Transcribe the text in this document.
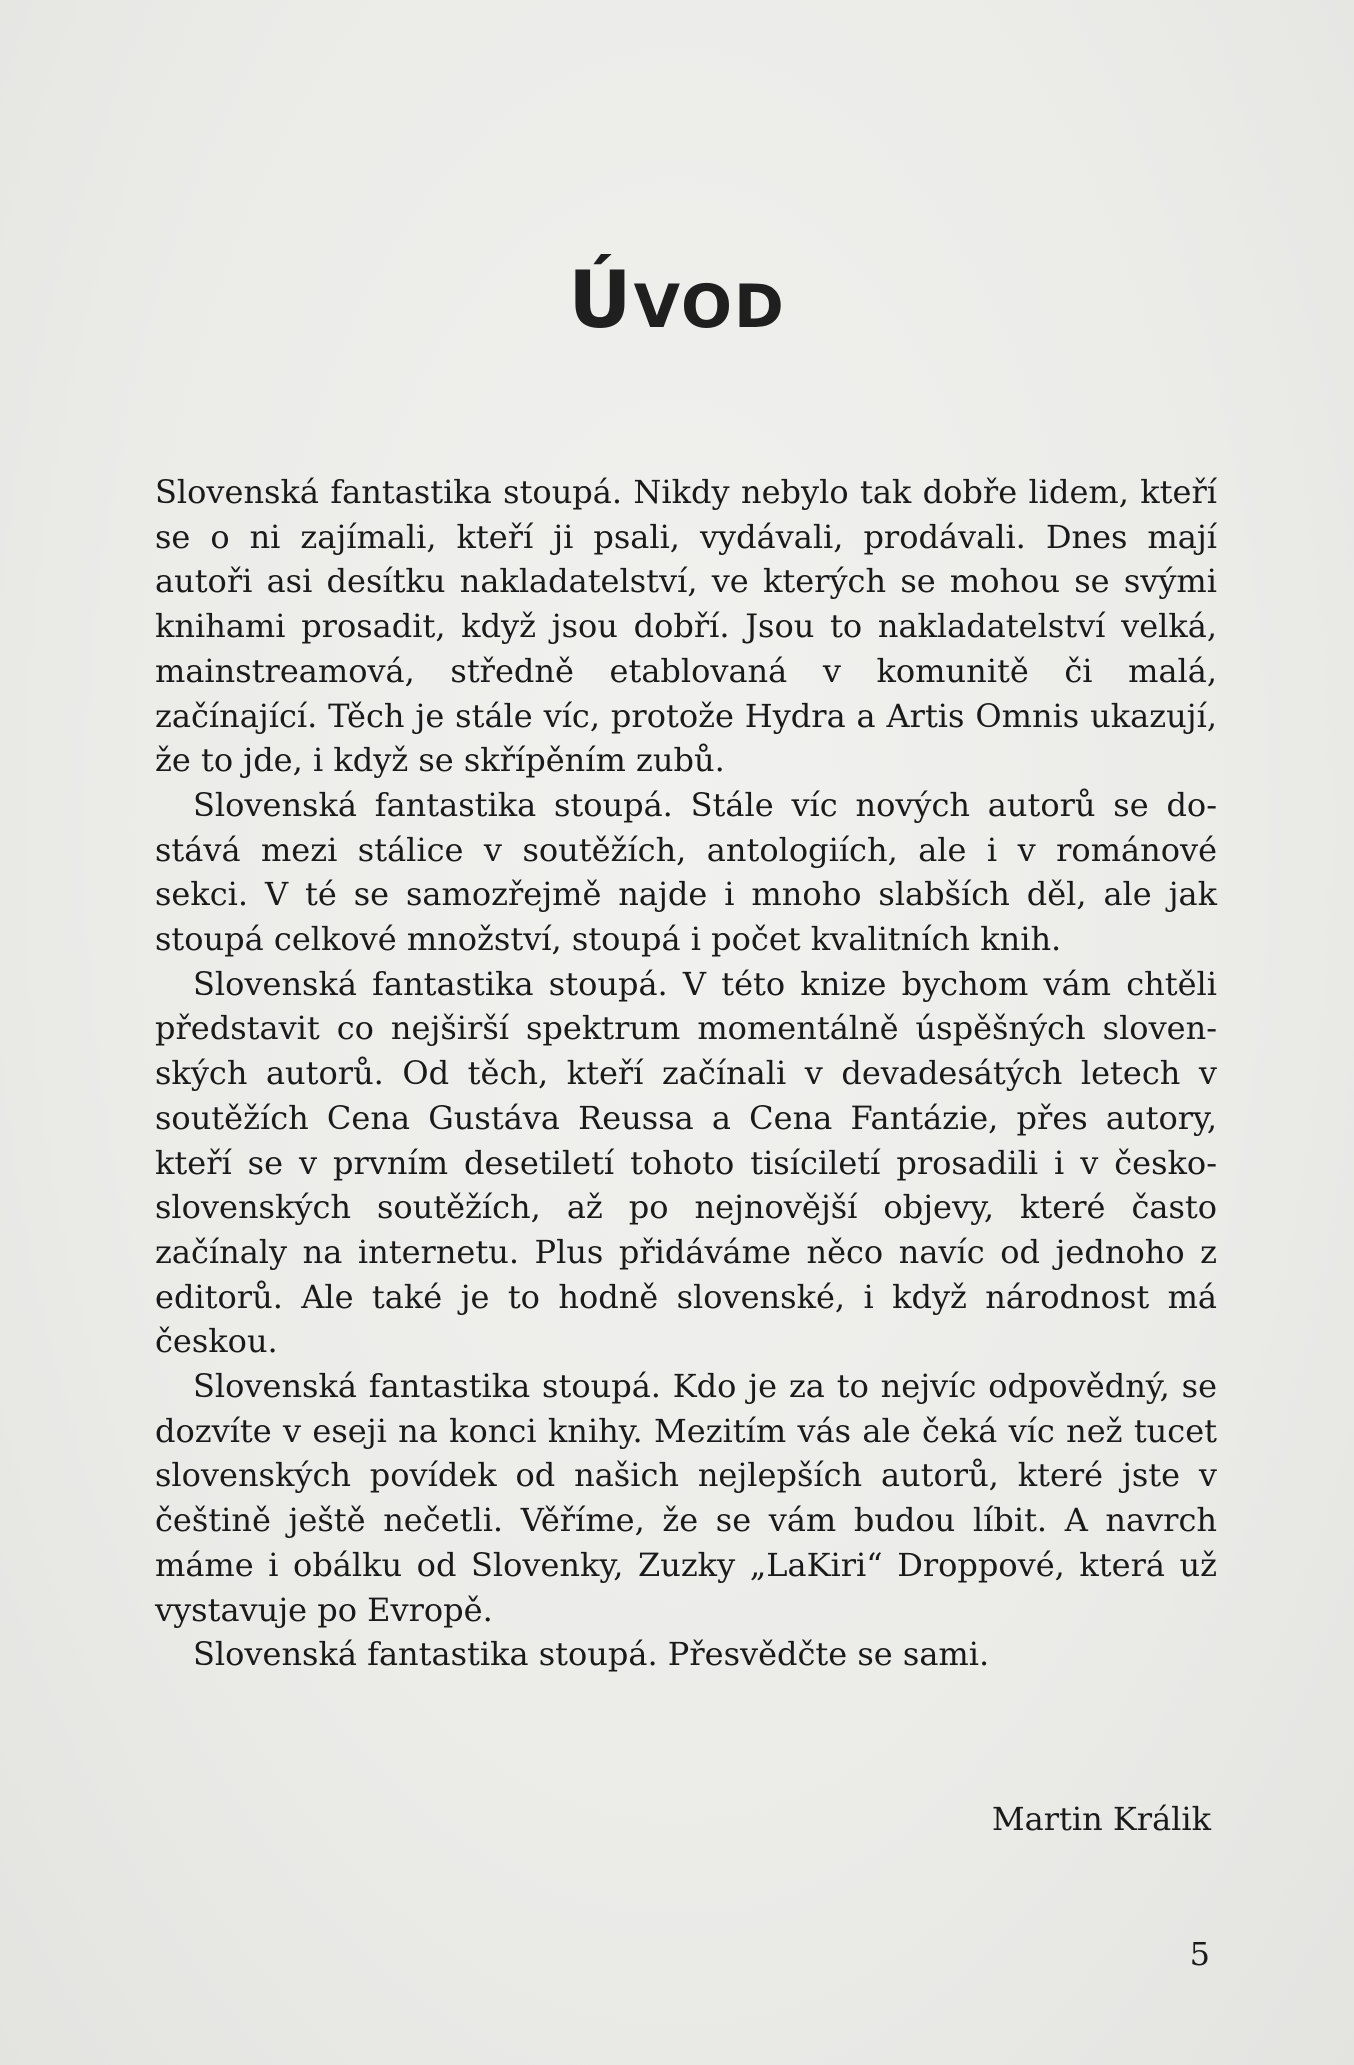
ÚVOD

Slovenská fantastika stoupá. Nikdy nebylo tak dobře lidem, kteří se o ni zajímali, kteří ji psali, vydávali, prodávali. Dnes mají autoři asi desítku nakladatelství, ve kterých se mohou se svými knihami prosadit, když jsou dobří. Jsou to nakladatelství velká, mainstreamová, středně etablovaná v komunitě či malá, začínající. Těch je stále víc, protože Hydra a Artis Omnis ukazují, že to jde, i když se skřípěním zubů.

Slovenská fantastika stoupá. Stále víc nových autorů se dostává mezi stálice v soutěžích, antologiích, ale i v románové sekci. V té se samozřejmě najde i mnoho slabších děl, ale jak stoupá celkové množství, stoupá i počet kvalitních knih.

Slovenská fantastika stoupá. V této knize bychom vám chtěli představit co nejširší spektrum momentálně úspěšných slovenských autorů. Od těch, kteří začínali v devadesátých letech v soutěžích Cena Gustáva Reussa a Cena Fantázie, přes autory, kteří se v prvním desetiletí tohoto tisíciletí prosadili i v česko-slovenských soutěžích, až po nejnovější objevy, které často začínaly na internetu. Plus přidáváme něco navíc od jednoho z editorů. Ale také je to hodně slovenské, i když národnost má českou.

Slovenská fantastika stoupá. Kdo je za to nejvíc odpovědný, se dozvíte v eseji na konci knihy. Mezitím vás ale čeká víc než tucet slovenských povídek od našich nejlepších autorů, které jste v češtině ještě nečetli. Věříme, že se vám budou líbit. A navrch máme i obálku od Slovenky, Zuzky „LaKiri“ Droppové, která už vystavuje po Evropě.

Slovenská fantastika stoupá. Přesvědčte se sami.

Martin Králik
5
